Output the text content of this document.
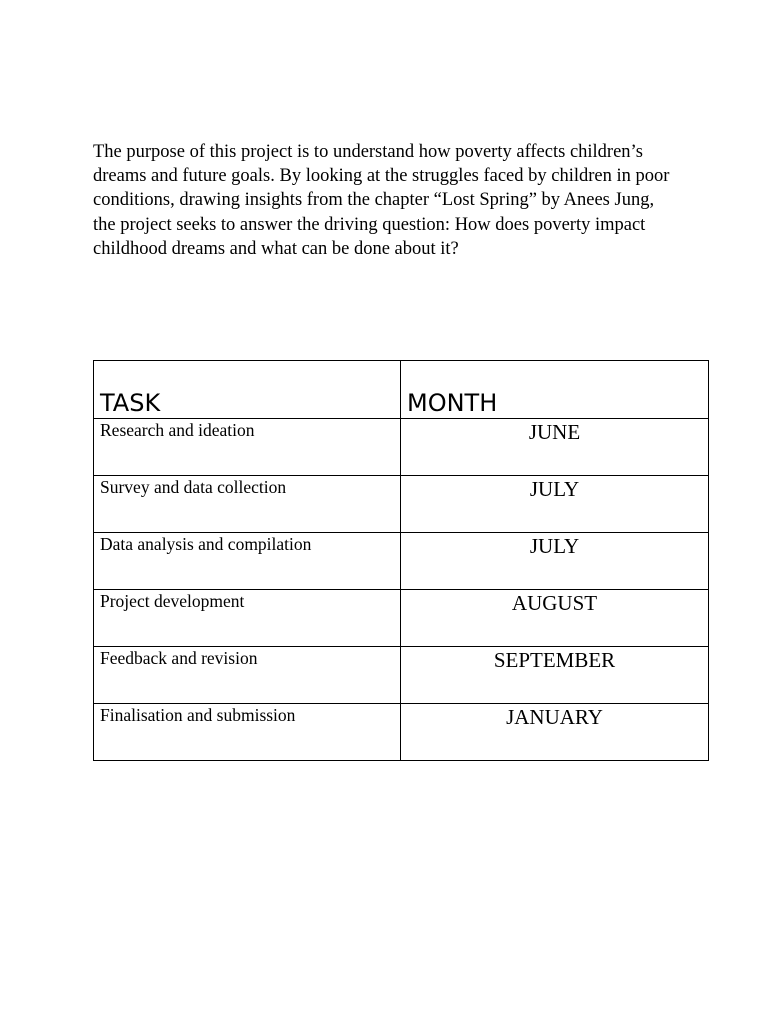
The purpose of this project is to understand how poverty affects children’s dreams and future goals. By looking at the struggles faced by children in poor conditions, drawing insights from the chapter “Lost Spring” by Anees Jung, the project seeks to answer the driving question: How does poverty impact childhood dreams and what can be done about it?

TASK	MONTH
Research and ideation	JUNE
Survey and data collection	JULY
Data analysis and compilation	JULY
Project development	AUGUST
Feedback and revision	SEPTEMBER
Finalisation and submission	JANUARY
